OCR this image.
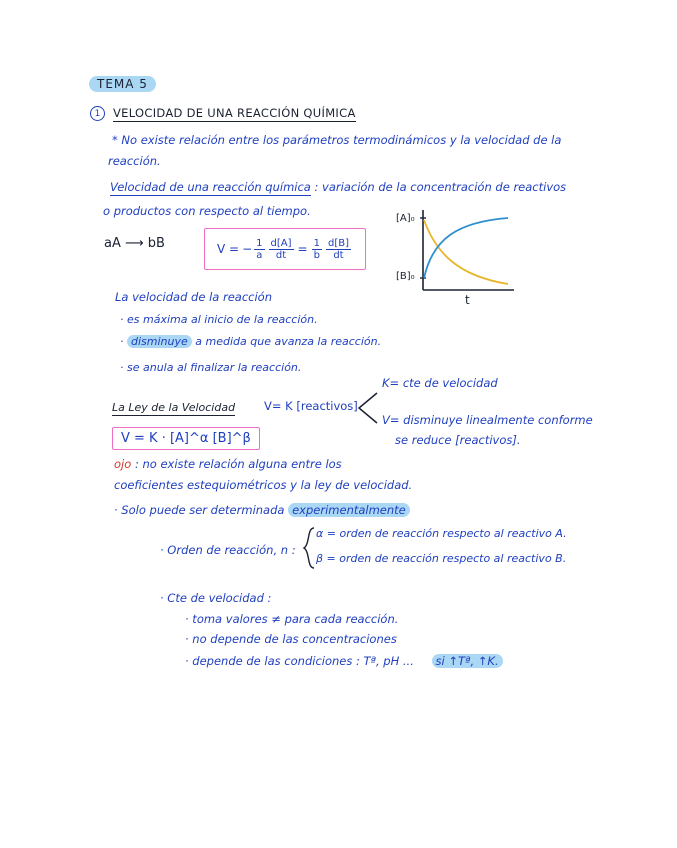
TEMA 5
1	VELOCIDAD DE UNA REACCIÓN QUÍMICA
* No existe relación entre los parámetros termodinámicos y la velocidad de la
reacción.
Velocidad de una reacción química : variación de la concentración de reactivos
o productos con respecto al tiempo.
aA ⟶ bB	V = − $\frac{1}{a} \frac{d[A]}{dt} = \frac{1}{b} \frac{d[B]}{dt}$
[A]₀
[B]₀
t
La velocidad de la reacción
· es máxima al inicio de la reacción.
· disminuye a medida que avanza la reacción.
· se anula al finalizar la reacción.
La Ley de la Velocidad	V= K [reactivos]
K= cte de velocidad
V= disminuye linealmente conforme
se reduce [reactivos].
V = K · [A]^α [B]^β
ojo : no existe relación alguna entre los
coeficientes estequiométricos y la ley de velocidad.
· Solo puede ser determinada experimentalmente
· Orden de reacción, n :
α = orden de reacción respecto al reactivo A.
β = orden de reacción respecto al reactivo B.
· Cte de velocidad :
· toma valores ≠ para cada reacción.
· no depende de las concentraciones
· depende de las condiciones : Tª, pH ... si ↑Tª, ↑K.
